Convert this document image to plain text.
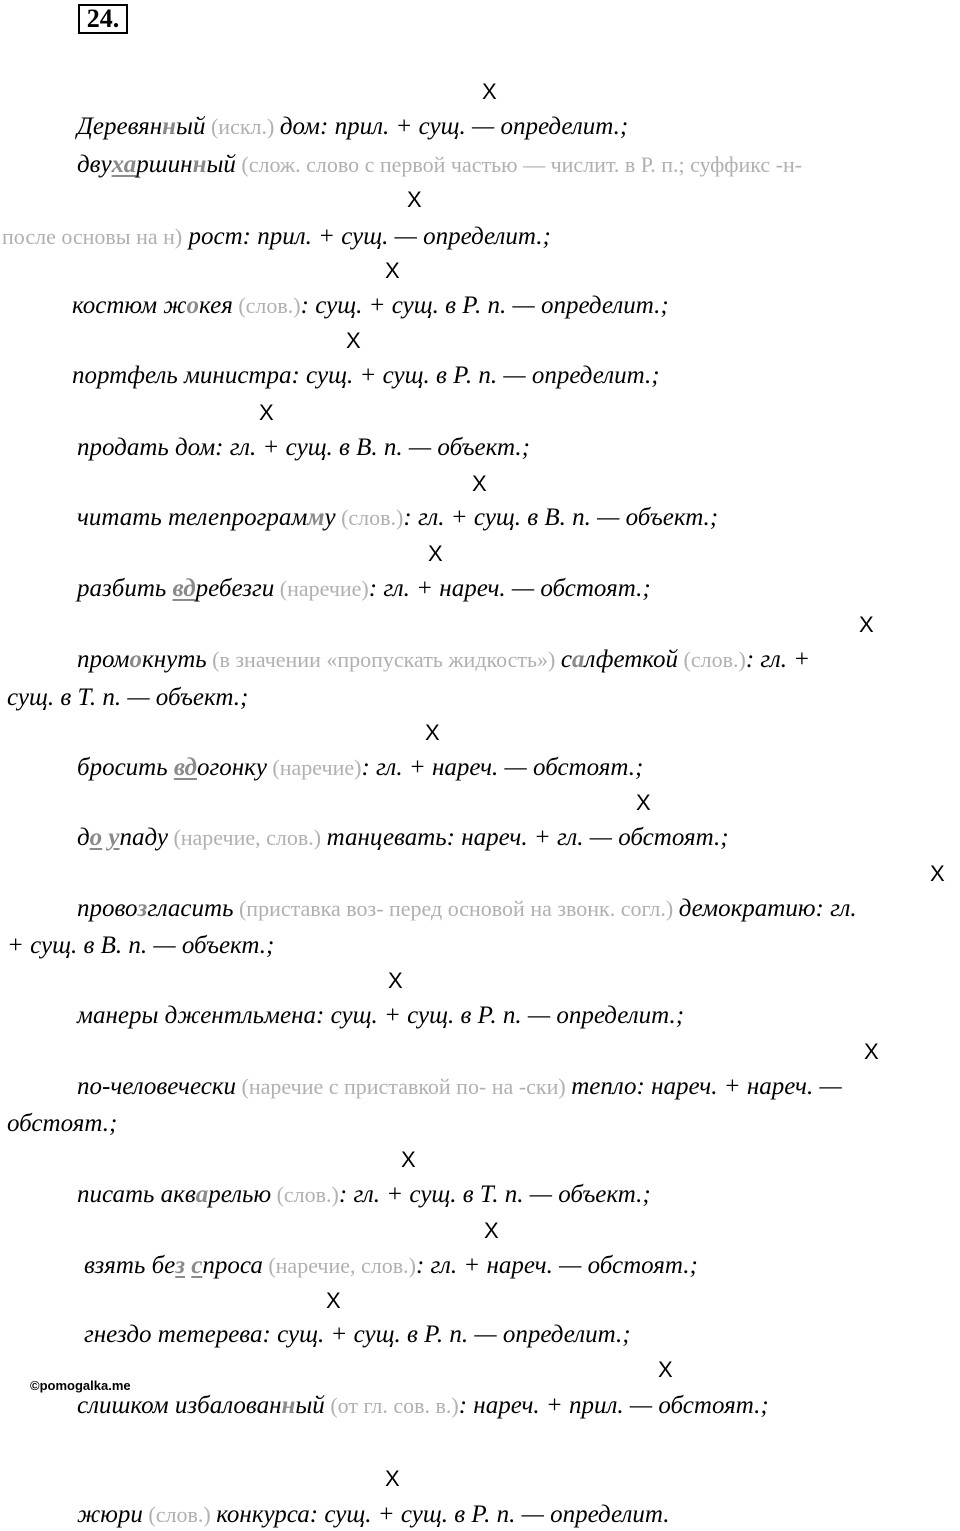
24.
X
X
X
X
X
X
X
X
X
X
X
X
X
X
X
X
X
X
Деревянный (искл.) дом: прил. + сущ. — определит.;
двухаршинный (слож. слово с первой частью — числит. в Р. п.; суффикс -н-
после основы на н) рост: прил. + сущ. — определит.;
костюм жокея (слов.): сущ. + сущ. в Р. п. — определит.;
портфель министра: сущ. + сущ. в Р. п. — определит.;
продать дом: гл. + сущ. в В. п. — объект.;
читать телепрограмму (слов.): гл. + сущ. в В. п. — объект.;
разбить вдребезги (наречие): гл. + нареч. — обстоят.;
промокнуть (в значении «пропускать жидкость») салфеткой (слов.): гл. +
сущ. в Т. п. — объект.;
бросить вдогонку (наречие): гл. + нареч. — обстоят.;
до упаду (наречие, слов.) танцевать: нареч. + гл. — обстоят.;
провозгласить (приставка воз- перед основой на звонк. согл.) демократию: гл.
+ сущ. в В. п. — объект.;
манеры джентльмена: сущ. + сущ. в Р. п. — определит.;
по-человечески (наречие с приставкой по- на -ски) тепло: нареч. + нареч. —
обстоят.;
писать акварелью (слов.): гл. + сущ. в Т. п. — объект.;
взять без спроса (наречие, слов.): гл. + нареч. — обстоят.;
гнездо тетерева: сущ. + сущ. в Р. п. — определит.;
слишком избалованный (от гл. сов. в.): нареч. + прил. — обстоят.;
жюри (слов.) конкурса: сущ. + сущ. в Р. п. — определит.
©pomogalka.me
